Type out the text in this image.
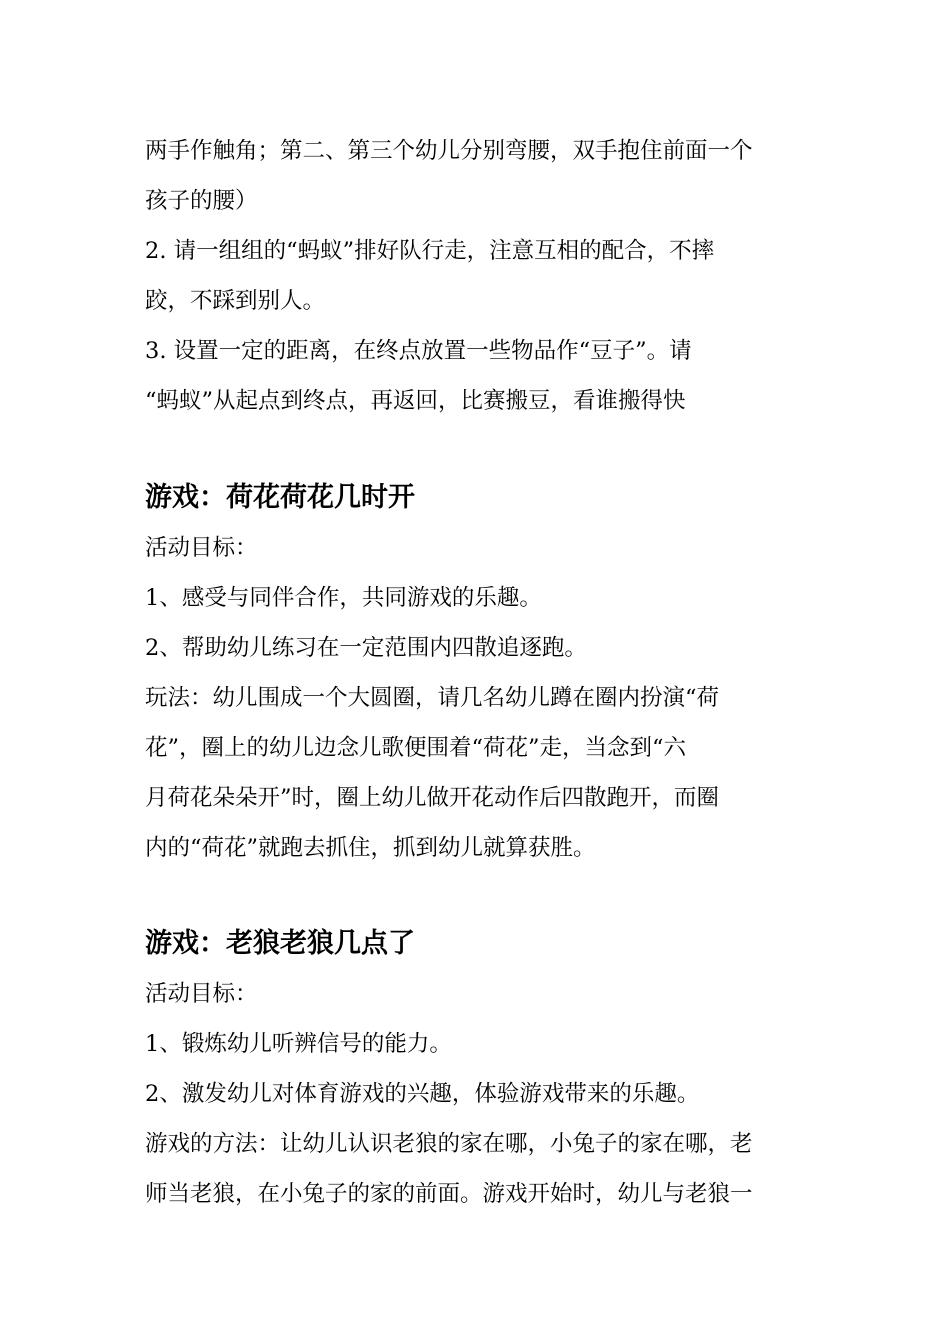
两手作触角；第二、第三个幼儿分别弯腰，双手抱住前面一个
孩子的腰）
2. 请一组组的“蚂蚁”排好队行走，注意互相的配合，不摔
跤，不踩到别人。
3. 设置一定的距离，在终点放置一些物品作“豆子”。请
“蚂蚁”从起点到终点，再返回，比赛搬豆，看谁搬得快
游戏：荷花荷花几时开
活动目标：
1、感受与同伴合作，共同游戏的乐趣。
2、帮助幼儿练习在一定范围内四散追逐跑。
玩法：幼儿围成一个大圆圈，请几名幼儿蹲在圈内扮演“荷
花”，圈上的幼儿边念儿歌便围着“荷花”走，当念到“六
月荷花朵朵开”时，圈上幼儿做开花动作后四散跑开，而圈
内的“荷花”就跑去抓住，抓到幼儿就算获胜。
游戏：老狼老狼几点了
活动目标：
1、锻炼幼儿听辨信号的能力。
2、激发幼儿对体育游戏的兴趣，体验游戏带来的乐趣。
游戏的方法：让幼儿认识老狼的家在哪，小兔子的家在哪，老
师当老狼，在小兔子的家的前面。游戏开始时，幼儿与老狼一
